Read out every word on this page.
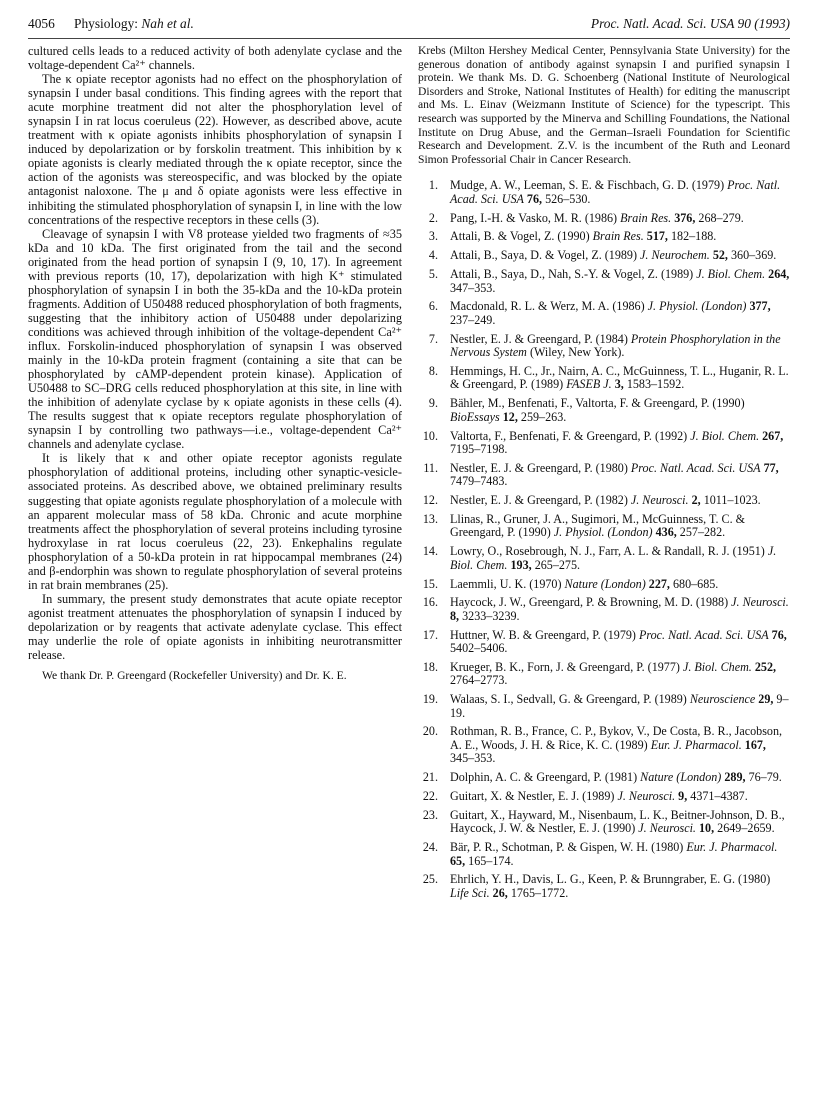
4056 Physiology: Nah et al.	Proc. Natl. Acad. Sci. USA 90 (1993)

cultured cells leads to a reduced activity of both adenylate cyclase and the voltage-dependent Ca²⁺ channels.

The κ opiate receptor agonists had no effect on the phosphorylation of synapsin I under basal conditions. This finding agrees with the report that acute morphine treatment did not alter the phosphorylation level of synapsin I in rat locus coeruleus (22). However, as described above, acute treatment with κ opiate agonists inhibits phosphorylation of synapsin I induced by depolarization or by forskolin treatment. This inhibition by κ opiate agonists is clearly mediated through the κ opiate receptor, since the action of the agonists was stereospecific, and was blocked by the opiate antagonist naloxone. The μ and δ opiate agonists were less effective in inhibiting the stimulated phosphorylation of synapsin I, in line with the low concentrations of the respective receptors in these cells (3).

Cleavage of synapsin I with V8 protease yielded two fragments of ≈35 kDa and 10 kDa. The first originated from the tail and the second originated from the head portion of synapsin I (9, 10, 17). In agreement with previous reports (10, 17), depolarization with high K⁺ stimulated phosphorylation of synapsin I in both the 35-kDa and the 10-kDa protein fragments. Addition of U50488 reduced phosphorylation of both fragments, suggesting that the inhibitory action of U50488 under depolarizing conditions was achieved through inhibition of the voltage-dependent Ca²⁺ influx. Forskolin-induced phosphorylation of synapsin I was observed mainly in the 10-kDa protein fragment (containing a site that can be phosphorylated by cAMP-dependent protein kinase). Application of U50488 to SC–DRG cells reduced phosphorylation at this site, in line with the inhibition of adenylate cyclase by κ opiate agonists in these cells (4). The results suggest that κ opiate receptors regulate phosphorylation of synapsin I by controlling two pathways—i.e., voltage-dependent Ca²⁺ channels and adenylate cyclase.

It is likely that κ and other opiate receptor agonists regulate phosphorylation of additional proteins, including other synaptic-vesicle-associated proteins. As described above, we obtained preliminary results suggesting that opiate agonists regulate phosphorylation of a molecule with an apparent molecular mass of 58 kDa. Chronic and acute morphine treatments affect the phosphorylation of several proteins including tyrosine hydroxylase in rat locus coeruleus (22, 23). Enkephalins regulate phosphorylation of a 50-kDa protein in rat hippocampal membranes (24) and β-endorphin was shown to regulate phosphorylation of several proteins in rat brain membranes (25).

In summary, the present study demonstrates that acute opiate receptor agonist treatment attenuates the phosphorylation of synapsin I induced by depolarization or by reagents that activate adenylate cyclase. This effect may underlie the role of opiate agonists in inhibiting neurotransmitter release.

We thank Dr. P. Greengard (Rockefeller University) and Dr. K. E.

Krebs (Milton Hershey Medical Center, Pennsylvania State University) for the generous donation of antibody against synapsin I and purified synapsin I protein. We thank Ms. D. G. Schoenberg (National Institute of Neurological Disorders and Stroke, National Institutes of Health) for editing the manuscript and Ms. L. Einav (Weizmann Institute of Science) for the typescript. This research was supported by the Minerva and Schilling Foundations, the National Institute on Drug Abuse, and the German–Israeli Foundation for Scientific Research and Development. Z.V. is the incumbent of the Ruth and Leonard Simon Professorial Chair in Cancer Research.

1. Mudge, A. W., Leeman, S. E. & Fischbach, G. D. (1979) Proc. Natl. Acad. Sci. USA 76, 526–530.
2. Pang, I.-H. & Vasko, M. R. (1986) Brain Res. 376, 268–279.
3. Attali, B. & Vogel, Z. (1990) Brain Res. 517, 182–188.
4. Attali, B., Saya, D. & Vogel, Z. (1989) J. Neurochem. 52, 360–369.
5. Attali, B., Saya, D., Nah, S.-Y. & Vogel, Z. (1989) J. Biol. Chem. 264, 347–353.
6. Macdonald, R. L. & Werz, M. A. (1986) J. Physiol. (London) 377, 237–249.
7. Nestler, E. J. & Greengard, P. (1984) Protein Phosphorylation in the Nervous System (Wiley, New York).
8. Hemmings, H. C., Jr., Nairn, A. C., McGuinness, T. L., Huganir, R. L. & Greengard, P. (1989) FASEB J. 3, 1583–1592.
9. Bähler, M., Benfenati, F., Valtorta, F. & Greengard, P. (1990) BioEssays 12, 259–263.
10. Valtorta, F., Benfenati, F. & Greengard, P. (1992) J. Biol. Chem. 267, 7195–7198.
11. Nestler, E. J. & Greengard, P. (1980) Proc. Natl. Acad. Sci. USA 77, 7479–7483.
12. Nestler, E. J. & Greengard, P. (1982) J. Neurosci. 2, 1011–1023.
13. Llinas, R., Gruner, J. A., Sugimori, M., McGuinness, T. C. & Greengard, P. (1990) J. Physiol. (London) 436, 257–282.
14. Lowry, O., Rosebrough, N. J., Farr, A. L. & Randall, R. J. (1951) J. Biol. Chem. 193, 265–275.
15. Laemmli, U. K. (1970) Nature (London) 227, 680–685.
16. Haycock, J. W., Greengard, P. & Browning, M. D. (1988) J. Neurosci. 8, 3233–3239.
17. Huttner, W. B. & Greengard, P. (1979) Proc. Natl. Acad. Sci. USA 76, 5402–5406.
18. Krueger, B. K., Forn, J. & Greengard, P. (1977) J. Biol. Chem. 252, 2764–2773.
19. Walaas, S. I., Sedvall, G. & Greengard, P. (1989) Neuroscience 29, 9–19.
20. Rothman, R. B., France, C. P., Bykov, V., De Costa, B. R., Jacobson, A. E., Woods, J. H. & Rice, K. C. (1989) Eur. J. Pharmacol. 167, 345–353.
21. Dolphin, A. C. & Greengard, P. (1981) Nature (London) 289, 76–79.
22. Guitart, X. & Nestler, E. J. (1989) J. Neurosci. 9, 4371–4387.
23. Guitart, X., Hayward, M., Nisenbaum, L. K., Beitner-Johnson, D. B., Haycock, J. W. & Nestler, E. J. (1990) J. Neurosci. 10, 2649–2659.
24. Bär, P. R., Schotman, P. & Gispen, W. H. (1980) Eur. J. Pharmacol. 65, 165–174.
25. Ehrlich, Y. H., Davis, L. G., Keen, P. & Brunngraber, E. G. (1980) Life Sci. 26, 1765–1772.
